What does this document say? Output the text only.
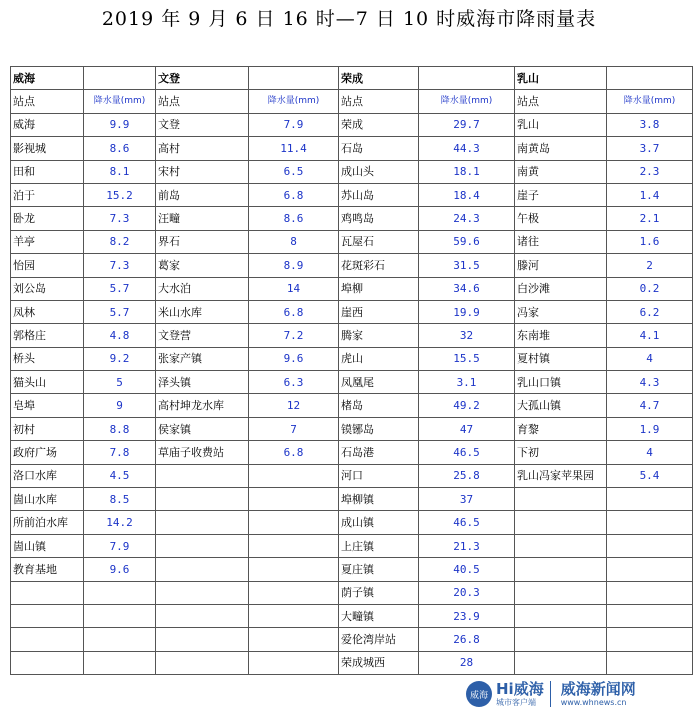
2019 年 9 月 6 日 16 时—7 日 10 时威海市降雨量表
威海		文登		荣成		乳山	
站点	降水量(mm)	站点	降水量(mm)	站点	降水量(mm)	站点	降水量(mm)
威海	9.9	文登	7.9	荣成	29.7	乳山	3.8
影视城	8.6	高村	11.4	石岛	44.3	南黄岛	3.7
田和	8.1	宋村	6.5	成山头	18.1	南黄	2.3
泊于	15.2	前岛	6.8	苏山岛	18.4	崖子	1.4
卧龙	7.3	汪疃	8.6	鸡鸣岛	24.3	午极	2.1
羊亭	8.2	界石	8	瓦屋石	59.6	诸往	1.6
怡园	7.3	葛家	8.9	花斑彩石	31.5	滕河	2
刘公岛	5.7	大水泊	14	埠柳	34.6	白沙滩	0.2
凤林	5.7	米山水库	6.8	崖西	19.9	冯家	6.2
郭格庄	4.8	文登营	7.2	腾家	32	东南堆	4.1
桥头	9.2	张家产镇	9.6	虎山	15.5	夏村镇	4
猫头山	5	泽头镇	6.3	凤凰尾	3.1	乳山口镇	4.3
皂埠	9	高村坤龙水库	12	楮岛	49.2	大孤山镇	4.7
初村	8.8	侯家镇	7	镆铘岛	47	育黎	1.9
政府广场	7.8	草庙子收费站	6.8	石岛港	46.5	下初	4
洛口水库	4.5			河口	25.8	乳山冯家苹果园	5.4
崮山水库	8.5			埠柳镇	37		
所前泊水库	14.2			成山镇	46.5		
崮山镇	7.9			上庄镇	21.3		
教育基地	9.6			夏庄镇	40.5		
				荫子镇	20.3		
				大疃镇	23.9		
				爱伦湾岸站	26.8		
				荣成城西	28		
威海 Hi威海
城市客户端
威海新闻网
www.whnews.cn
